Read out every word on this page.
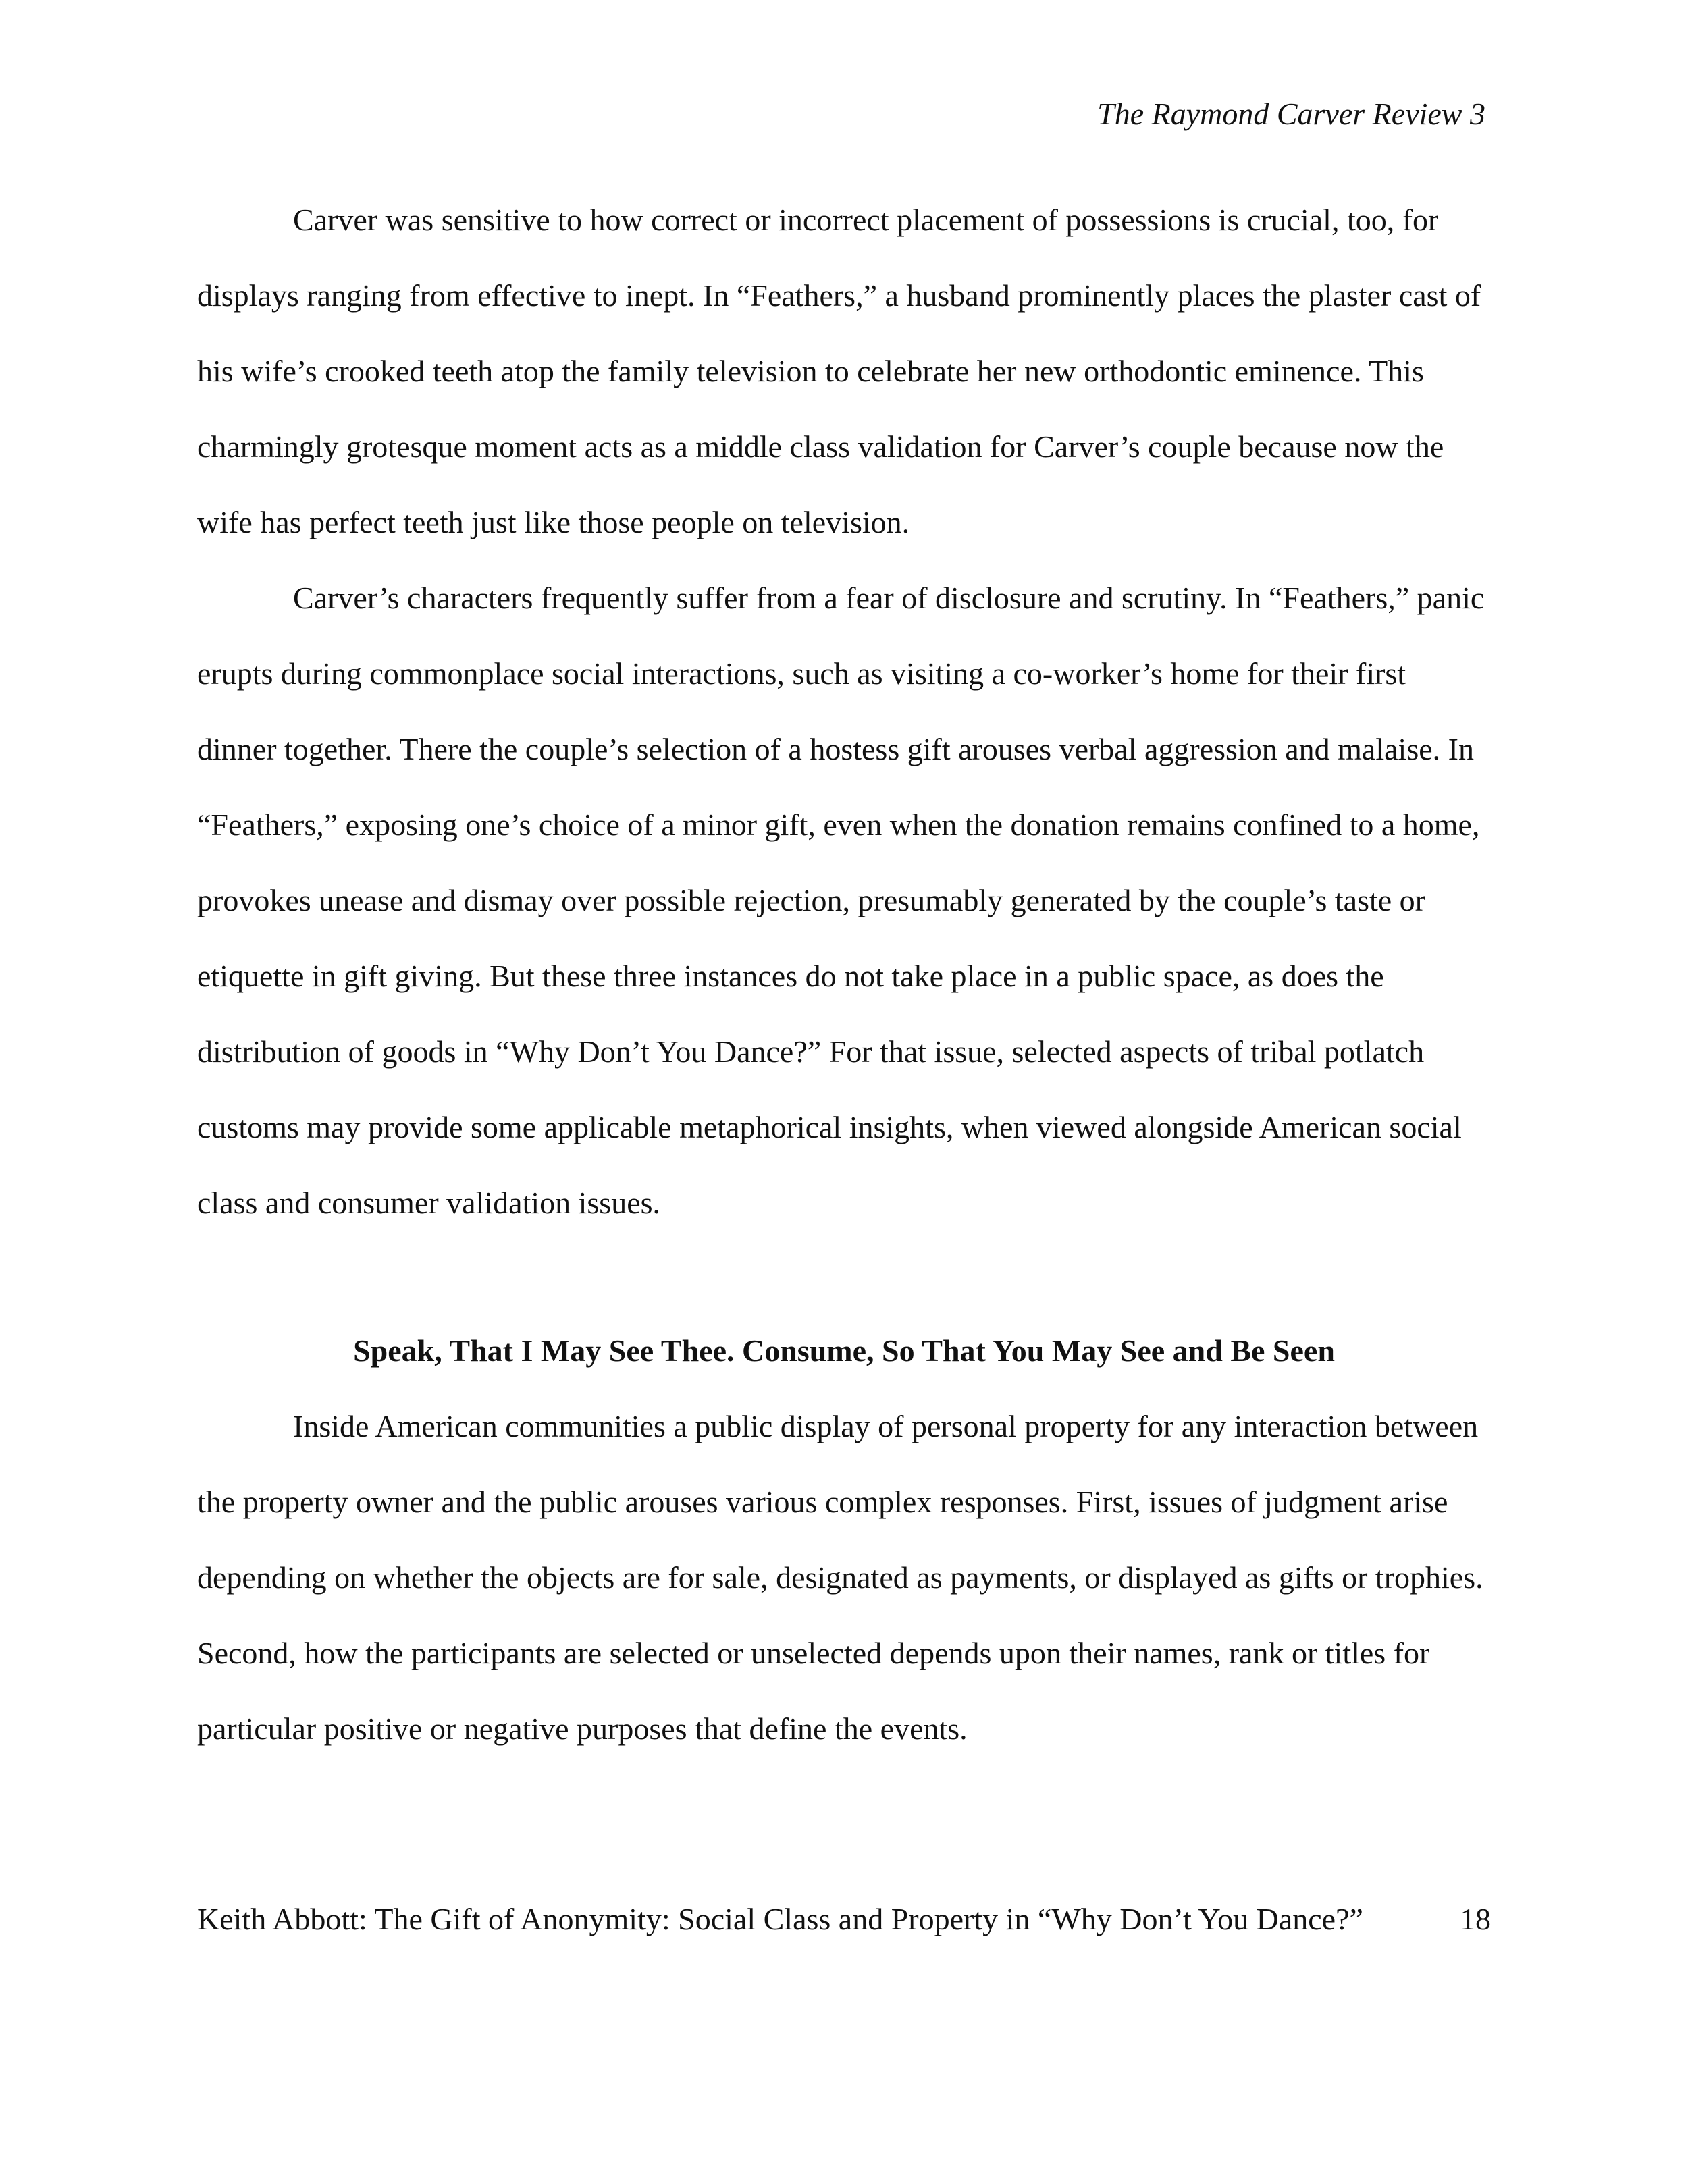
The Raymond Carver Review 3

Carver was sensitive to how correct or incorrect placement of possessions is crucial, too, for displays ranging from effective to inept. In “Feathers,” a husband prominently places the plaster cast of his wife’s crooked teeth atop the family television to celebrate her new orthodontic eminence. This charmingly grotesque moment acts as a middle class validation for Carver’s couple because now the wife has perfect teeth just like those people on television.

Carver’s characters frequently suffer from a fear of disclosure and scrutiny. In “Feathers,” panic erupts during commonplace social interactions, such as visiting a co-worker’s home for their first dinner together. There the couple’s selection of a hostess gift arouses verbal aggression and malaise. In “Feathers,” exposing one’s choice of a minor gift, even when the donation remains confined to a home, provokes unease and dismay over possible rejection, presumably generated by the couple’s taste or etiquette in gift giving. But these three instances do not take place in a public space, as does the distribution of goods in “Why Don’t You Dance?” For that issue, selected aspects of tribal potlatch customs may provide some applicable metaphorical insights, when viewed alongside American social class and consumer validation issues.

Speak, That I May See Thee. Consume, So That You May See and Be Seen

Inside American communities a public display of personal property for any interaction between the property owner and the public arouses various complex responses. First, issues of judgment arise depending on whether the objects are for sale, designated as payments, or displayed as gifts or trophies. Second, how the participants are selected or unselected depends upon their names, rank or titles for particular positive or negative purposes that define the events.

Keith Abbott: The Gift of Anonymity: Social Class and Property in “Why Don’t You Dance?”	18
